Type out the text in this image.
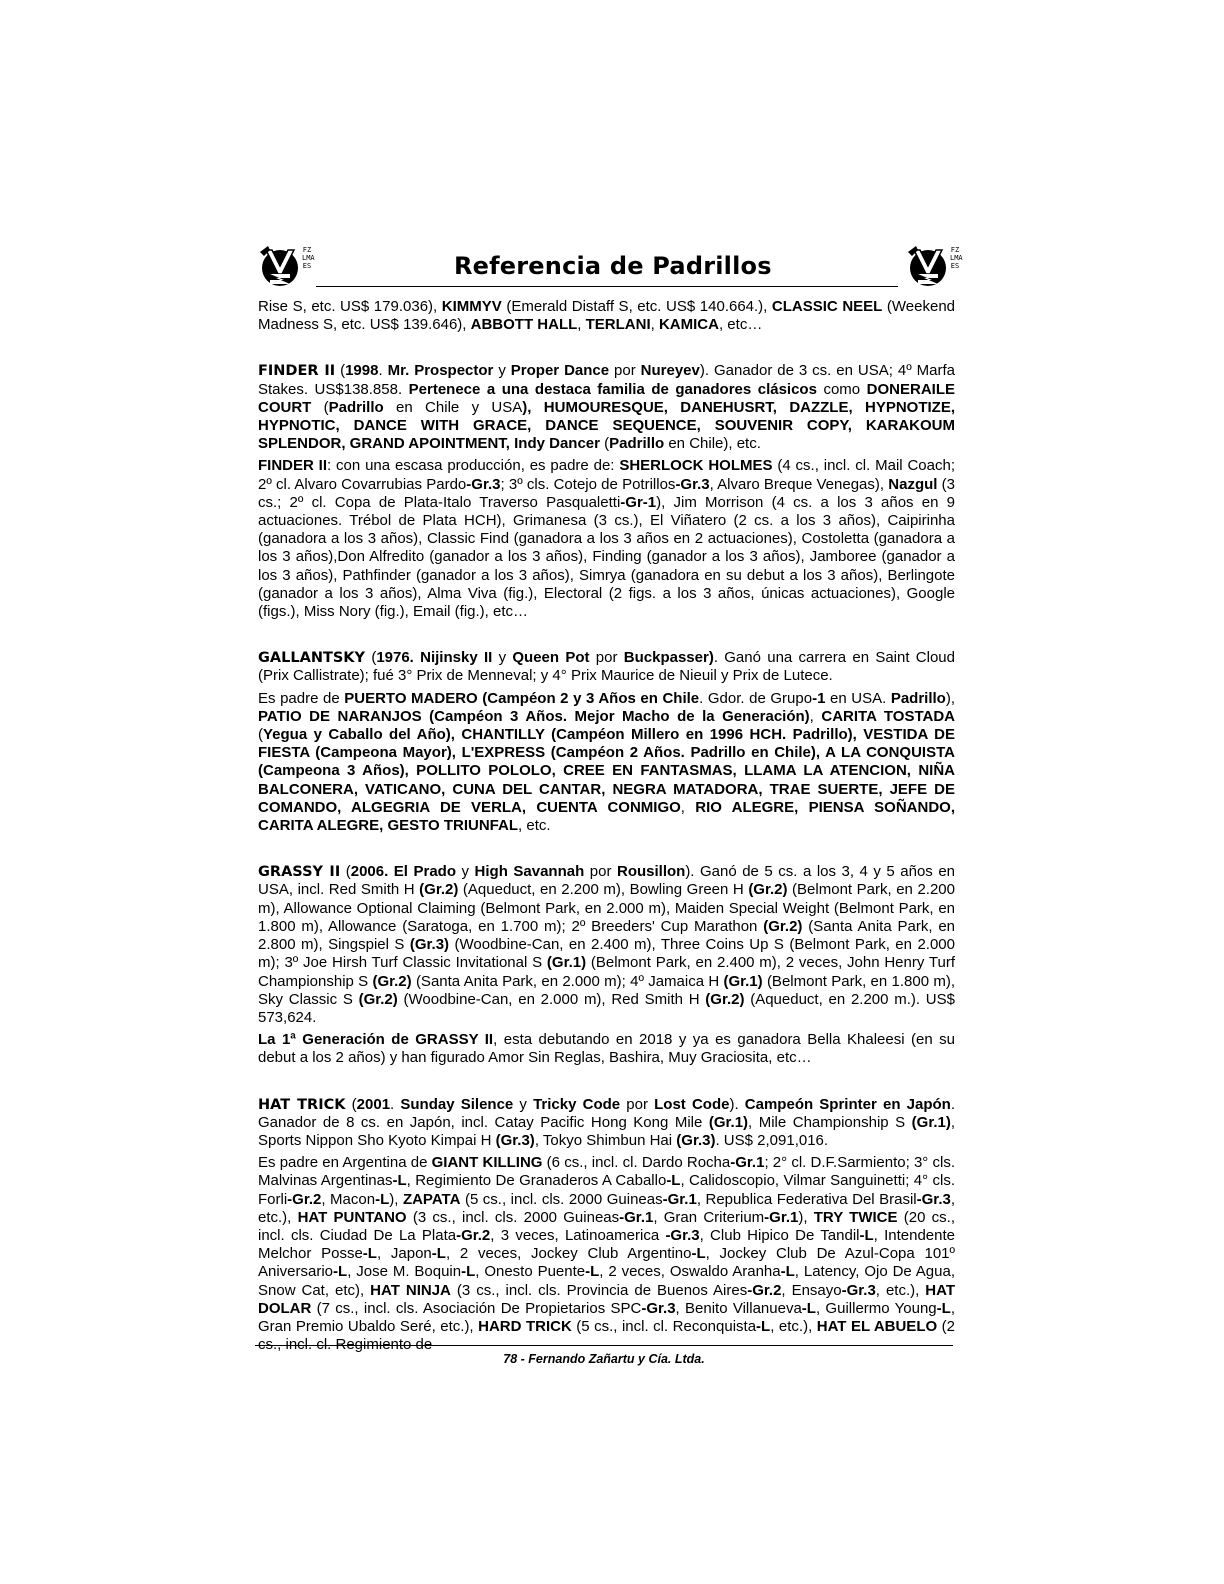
FZ
LMA
ES	Referencia de Padrillos
FZ
LMA
ES

Rise S, etc. US$ 179.036), KIMMYV (Emerald Distaff S, etc. US$ 140.664.), CLASSIC NEEL (Weekend Madness S, etc. US$ 139.646), ABBOTT HALL, TERLANI, KAMICA, etc…

FINDER II (1998. Mr. Prospector y Proper Dance por Nureyev). Ganador de 3 cs. en USA; 4º Marfa Stakes. US$138.858. Pertenece a una destaca familia de ganadores clásicos como DONERAILE COURT (Padrillo en Chile y USA), HUMOURESQUE, DANEHUSRT, DAZZLE, HYPNOTIZE, HYPNOTIC, DANCE WITH GRACE, DANCE SEQUENCE, SOUVENIR COPY, KARAKOUM SPLENDOR, GRAND APOINTMENT, Indy Dancer (Padrillo en Chile), etc.

FINDER II: con una escasa producción, es padre de: SHERLOCK HOLMES (4 cs., incl. cl. Mail Coach; 2º cl. Alvaro Covarrubias Pardo-Gr.3; 3º cls. Cotejo de Potrillos-Gr.3, Alvaro Breque Venegas), Nazgul (3 cs.; 2º cl. Copa de Plata-Italo Traverso Pasqualetti-Gr-1), Jim Morrison (4 cs. a los 3 años en 9 actuaciones. Trébol de Plata HCH), Grimanesa (3 cs.), El Viñatero (2 cs. a los 3 años), Caipirinha (ganadora a los 3 años), Classic Find (ganadora a los 3 años en 2 actuaciones), Costoletta (ganadora a los 3 años),Don Alfredito (ganador a los 3 años), Finding (ganador a los 3 años), Jamboree (ganador a los 3 años), Pathfinder (ganador a los 3 años), Simrya (ganadora en su debut a los 3 años), Berlingote (ganador a los 3 años), Alma Viva (fig.), Electoral (2 figs. a los 3 años, únicas actuaciones), Google (figs.), Miss Nory (fig.), Email (fig.), etc…

GALLANTSKY (1976. Nijinsky II y Queen Pot por Buckpasser). Ganó una carrera en Saint Cloud (Prix Callistrate); fué 3° Prix de Menneval; y 4° Prix Maurice de Nieuil y Prix de Lutece.

Es padre de PUERTO MADERO (Campéon 2 y 3 Años en Chile. Gdor. de Grupo-1 en USA. Padrillo), PATIO DE NARANJOS (Campéon 3 Años. Mejor Macho de la Generación), CARITA TOSTADA (Yegua y Caballo del Año), CHANTILLY (Campéon Millero en 1996 HCH. Padrillo), VESTIDA DE FIESTA (Campeona Mayor), L'EXPRESS (Campéon 2 Años. Padrillo en Chile), A LA CONQUISTA (Campeona 3 Años), POLLITO POLOLO, CREE EN FANTASMAS, LLAMA LA ATENCION, NIÑA BALCONERA, VATICANO, CUNA DEL CANTAR, NEGRA MATADORA, TRAE SUERTE, JEFE DE COMANDO, ALGEGRIA DE VERLA, CUENTA CONMIGO, RIO ALEGRE, PIENSA SOÑANDO, CARITA ALEGRE, GESTO TRIUNFAL, etc.

GRASSY II (2006. El Prado y High Savannah por Rousillon). Ganó de 5 cs. a los 3, 4 y 5 años en USA, incl. Red Smith H (Gr.2) (Aqueduct, en 2.200 m), Bowling Green H (Gr.2) (Belmont Park, en 2.200 m), Allowance Optional Claiming (Belmont Park, en 2.000 m), Maiden Special Weight (Belmont Park, en 1.800 m), Allowance (Saratoga, en 1.700 m); 2º Breeders' Cup Marathon (Gr.2) (Santa Anita Park, en 2.800 m), Singspiel S (Gr.3) (Woodbine-Can, en 2.400 m), Three Coins Up S (Belmont Park, en 2.000 m); 3º Joe Hirsh Turf Classic Invitational S (Gr.1) (Belmont Park, en 2.400 m), 2 veces, John Henry Turf Championship S (Gr.2) (Santa Anita Park, en 2.000 m); 4º Jamaica H (Gr.1) (Belmont Park, en 1.800 m), Sky Classic S (Gr.2) (Woodbine-Can, en 2.000 m), Red Smith H (Gr.2) (Aqueduct, en 2.200 m.). US$ 573,624.

La 1ª Generación de GRASSY II, esta debutando en 2018 y ya es ganadora Bella Khaleesi (en su debut a los 2 años) y han figurado Amor Sin Reglas, Bashira, Muy Graciosita, etc…

HAT TRICK (2001. Sunday Silence y Tricky Code por Lost Code). Campeón Sprinter en Japón. Ganador de 8 cs. en Japón, incl. Catay Pacific Hong Kong Mile (Gr.1), Mile Championship S (Gr.1), Sports Nippon Sho Kyoto Kimpai H (Gr.3), Tokyo Shimbun Hai (Gr.3). US$ 2,091,016.

Es padre en Argentina de GIANT KILLING (6 cs., incl. cl. Dardo Rocha-Gr.1; 2° cl. D.F.Sarmiento; 3° cls. Malvinas Argentinas-L, Regimiento De Granaderos A Caballo-L, Calidoscopio, Vilmar Sanguinetti; 4° cls. Forli-Gr.2, Macon-L), ZAPATA (5 cs., incl. cls. 2000 Guineas-Gr.1, Republica Federativa Del Brasil-Gr.3, etc.), HAT PUNTANO (3 cs., incl. cls. 2000 Guineas-Gr.1, Gran Criterium-Gr.1), TRY TWICE (20 cs., incl. cls. Ciudad De La Plata-Gr.2, 3 veces, Latinoamerica -Gr.3, Club Hipico De Tandil-L, Intendente Melchor Posse-L, Japon-L, 2 veces, Jockey Club Argentino-L, Jockey Club De Azul-Copa 101º Aniversario-L, Jose M. Boquin-L, Onesto Puente-L, 2 veces, Oswaldo Aranha-L, Latency, Ojo De Agua, Snow Cat, etc), HAT NINJA (3 cs., incl. cls. Provincia de Buenos Aires-Gr.2, Ensayo-Gr.3, etc.), HAT DOLAR (7 cs., incl. cls. Asociación De Propietarios SPC-Gr.3, Benito Villanueva-L, Guillermo Young-L, Gran Premio Ubaldo Seré, etc.), HARD TRICK (5 cs., incl. cl. Reconquista-L, etc.), HAT EL ABUELO (2 cs., incl. cl. Regimiento de

78 - Fernando Zañartu y Cía. Ltda.
